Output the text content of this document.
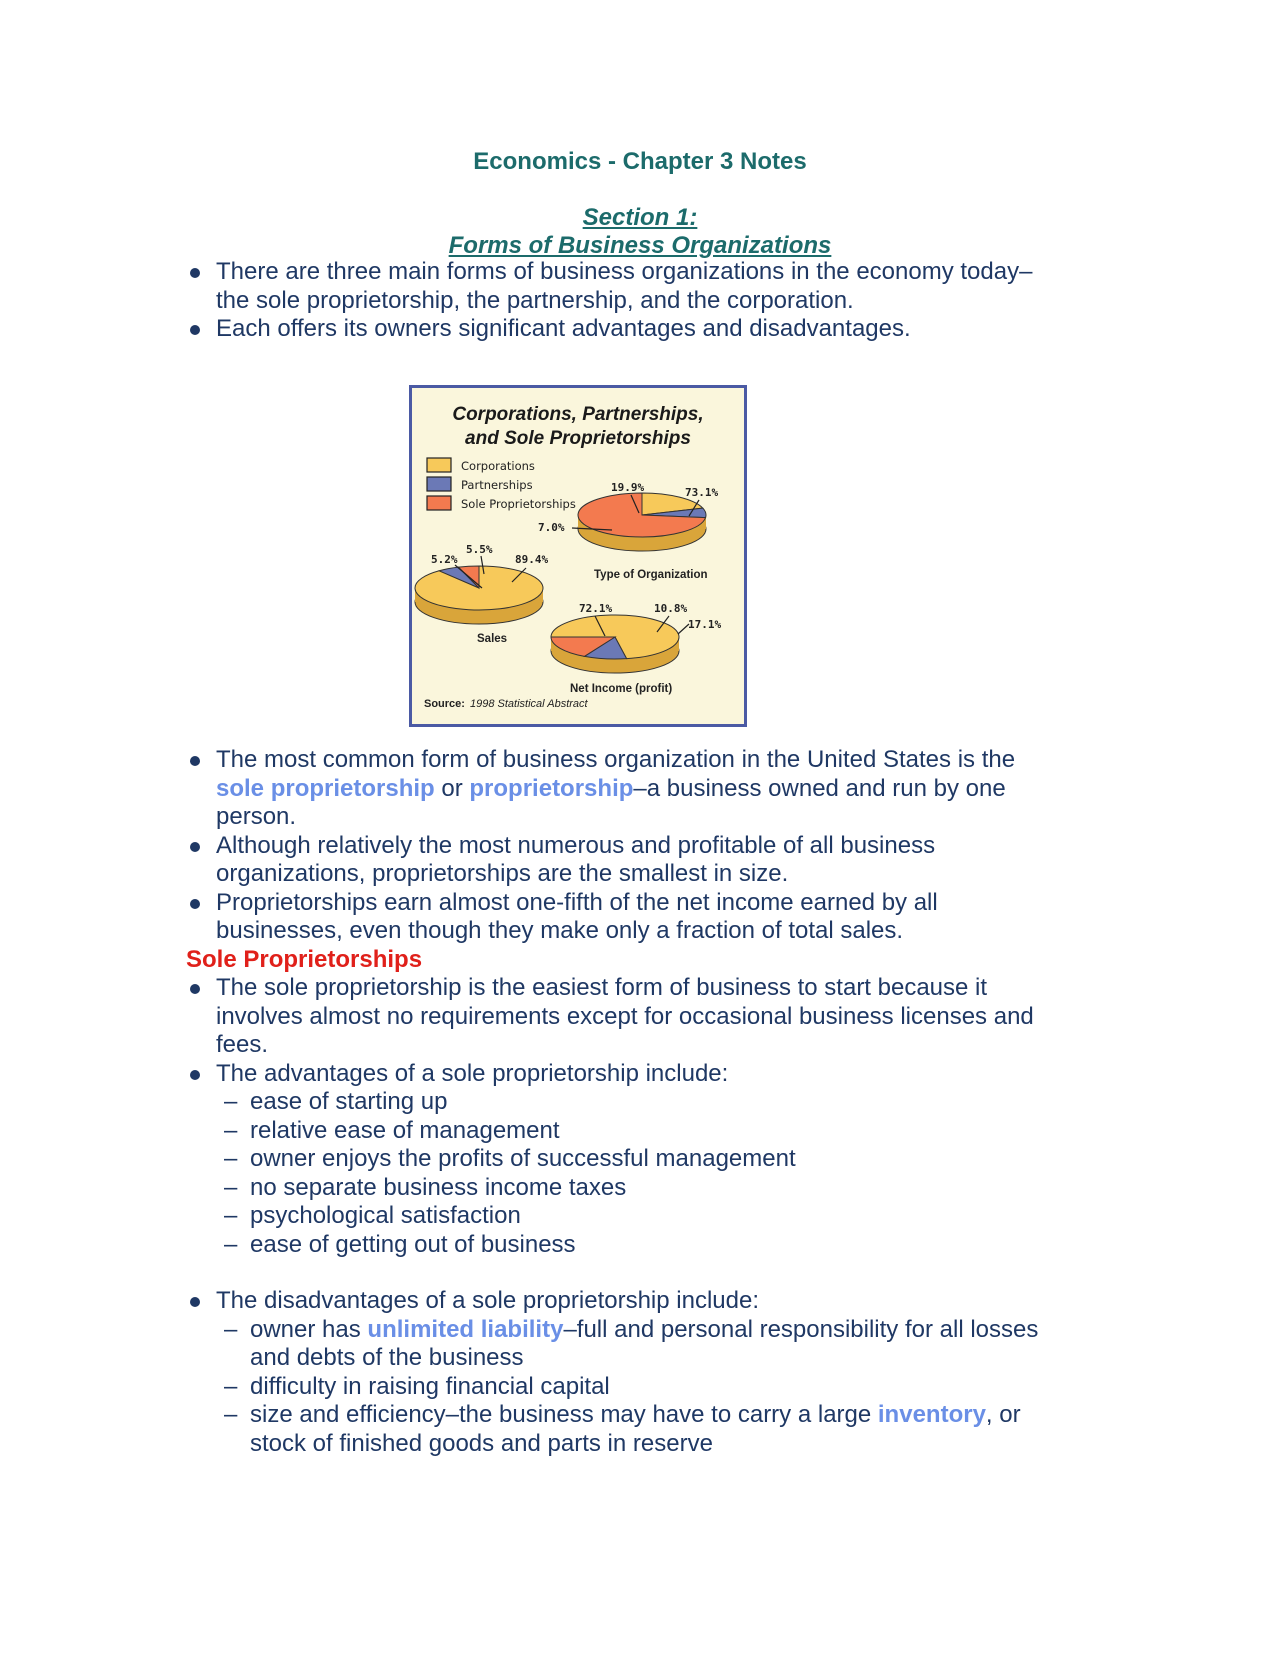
Economics - Chapter 3 Notes
Section 1:
Forms of Business Organizations
There are three main forms of business organizations in the economy today–
the sole proprietorship, the partnership, and the corporation.
Each offers its owners significant advantages and disadvantages.
Corporations, Partnerships,
and Sole Proprietorships
Corporations
Partnerships
Sole Proprietorships
19.9%
7.0%
73.1%
Type of Organization
89.4%
5.5%
5.2%
Sales
72.1%	10.8%
17.1%
Net Income (profit)
Source: 1998 Statistical Abstract
The most common form of business organization in the United States is the
sole proprietorship or proprietorship–a business owned and run by one
person.
Although relatively the most numerous and profitable of all business
organizations, proprietorships are the smallest in size.
Proprietorships earn almost one-fifth of the net income earned by all
businesses, even though they make only a fraction of total sales.
Sole Proprietorships
The sole proprietorship is the easiest form of business to start because it
involves almost no requirements except for occasional business licenses and
fees.
The advantages of a sole proprietorship include:
– ease of starting up
– relative ease of management
– owner enjoys the profits of successful management
– no separate business income taxes
– psychological satisfaction
– ease of getting out of business
The disadvantages of a sole proprietorship include:
– owner has unlimited liability–full and personal responsibility for all losses
and debts of the business
– difficulty in raising financial capital
– size and efficiency–the business may have to carry a large inventory, or
stock of finished goods and parts in reserve
